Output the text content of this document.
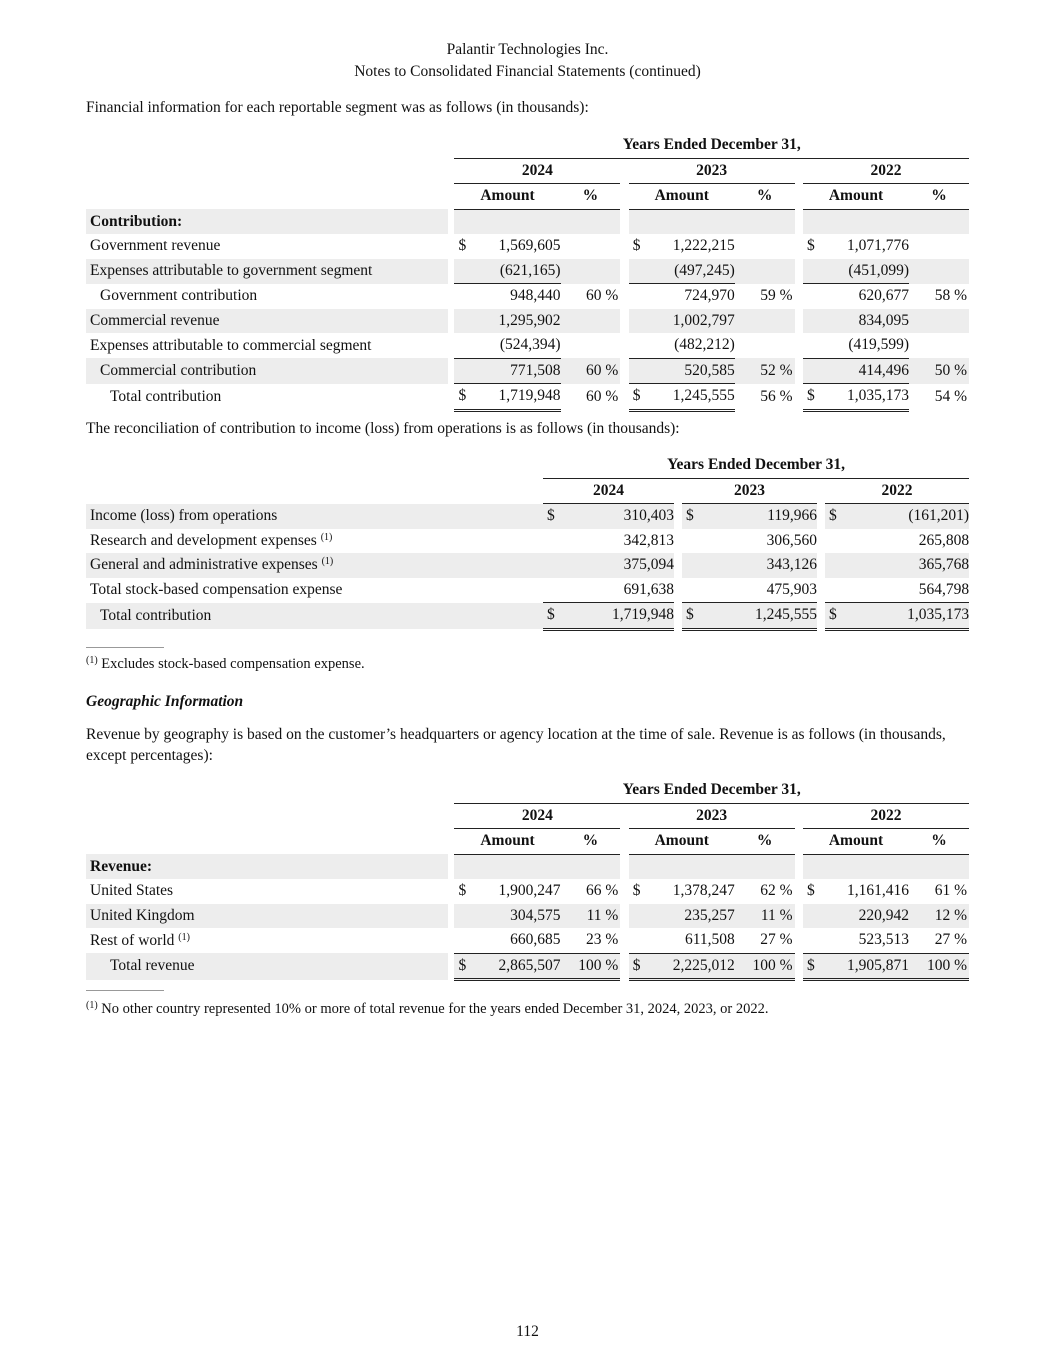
Palantir Technologies Inc.
Notes to Consolidated Financial Statements (continued)
Financial information for each reportable segment was as follows (in thousands):
		Years Ended December 31,										
		2024				2023				2022		
		Amount		%		Amount		%		Amount		%
Contribution:												
Government revenue		$	1,569,605			$	1,222,215			$	1,071,776	
Expenses attributable to government segment			(621,165)				(497,245)				(451,099)	
Government contribution			948,440	60 %			724,970	59 %			620,677	58 %
Commercial revenue			1,295,902				1,002,797				834,095	
Expenses attributable to commercial segment			(524,394)				(482,212)				(419,599)	
Commercial contribution			771,508	60 %			520,585	52 %			414,496	50 %
Total contribution		$	1,719,948	60 %		$	1,245,555	56 %		$	1,035,173	54 %
The reconciliation of contribution to income (loss) from operations is as follows (in thousands):
	Years Ended December 31,							
	2024			2023			2022	
Income (loss) from operations	$	310,403		$	119,966		$	(161,201)
Research and development expenses $^{(1)}$		342,813			306,560			265,808
General and administrative expenses $^{(1)}$		375,094			343,126			365,768
Total stock-based compensation expense		691,638			475,903			564,798
Total contribution	$	1,719,948		$	1,245,555		$	1,035,173
$^{(1)}$ Excludes stock-based compensation expense.
Geographic Information
Revenue by geography is based on the customer’s headquarters or agency location at the time of sale. Revenue is as follows (in thousands, except percentages):
		Years Ended December 31,										
		2024				2023				2022		
		Amount		%		Amount		%		Amount		%
Revenue:												
United States		$	1,900,247	66 %		$	1,378,247	62 %		$	1,161,416	61 %
United Kingdom			304,575	11 %			235,257	11 %			220,942	12 %
Rest of world $^{(1)}$			660,685	23 %			611,508	27 %			523,513	27 %
Total revenue		$	2,865,507	100 %		$	2,225,012	100 %		$	1,905,871	100 %
$^{(1)}$ No other country represented 10% or more of total revenue for the years ended December 31, 2024, 2023, or 2022.
112
